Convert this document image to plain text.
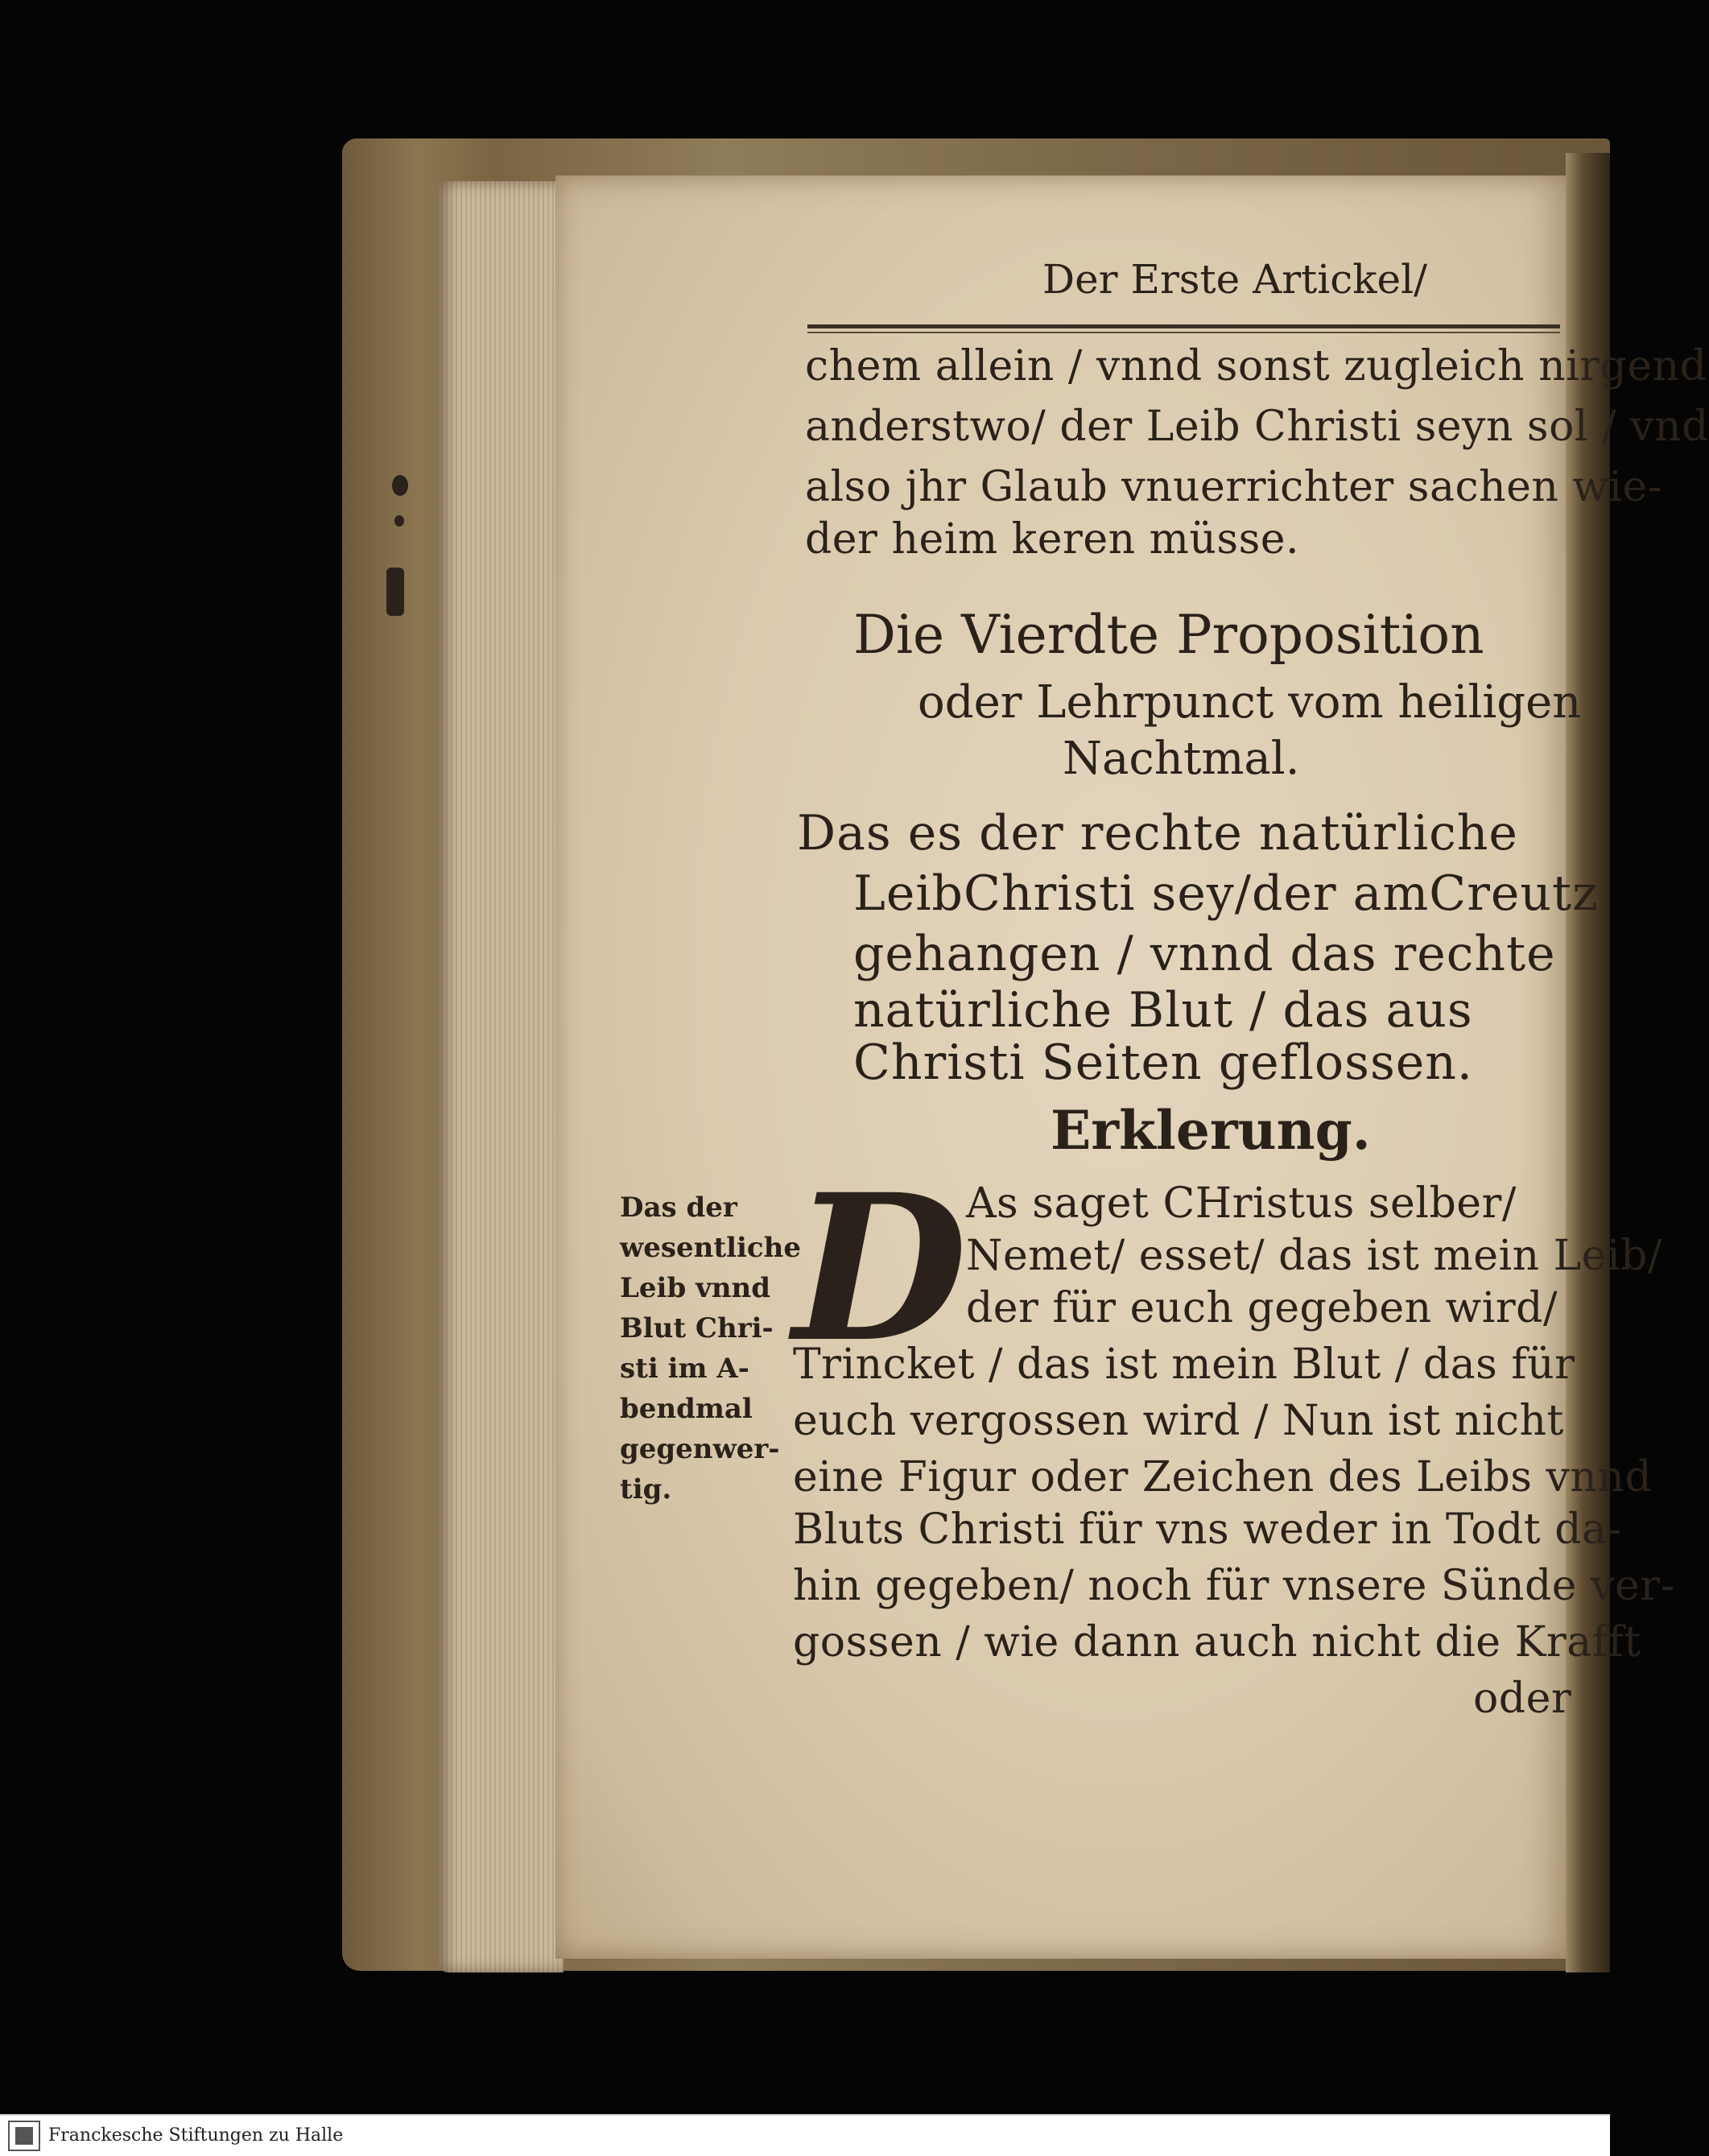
Der Erste Artickel/
chem allein / vnnd sonst zugleich nirgend
anderstwo/ der Leib Christi seyn sol / vnd
also jhr Glaub vnuerrichter sachen wie-
der heim keren müsse.
Die Vierdte Proposition
oder Lehrpunct vom heiligen
Nachtmal.
Das es der rechte natürliche
LeibChristi sey/der amCreutz
gehangen / vnnd das rechte
natürliche Blut / das aus
Christi Seiten geflossen.
Erklerung.
D
As saget CHristus selber/
Nemet/ esset/ das ist mein Leib/
der für euch gegeben wird/
Trincket / das ist mein Blut / das für
euch vergossen wird / Nun ist nicht
eine Figur oder Zeichen des Leibs vnnd
Bluts Christi für vns weder in Todt da-
hin gegeben/ noch für vnsere Sünde ver-
gossen / wie dann auch nicht die Krafft
oder
Das der
wesentliche
Leib vnnd
Blut Chri-
sti im A-
bendmal
gegenwer-
tig.
Franckesche Stiftungen zu Halle
